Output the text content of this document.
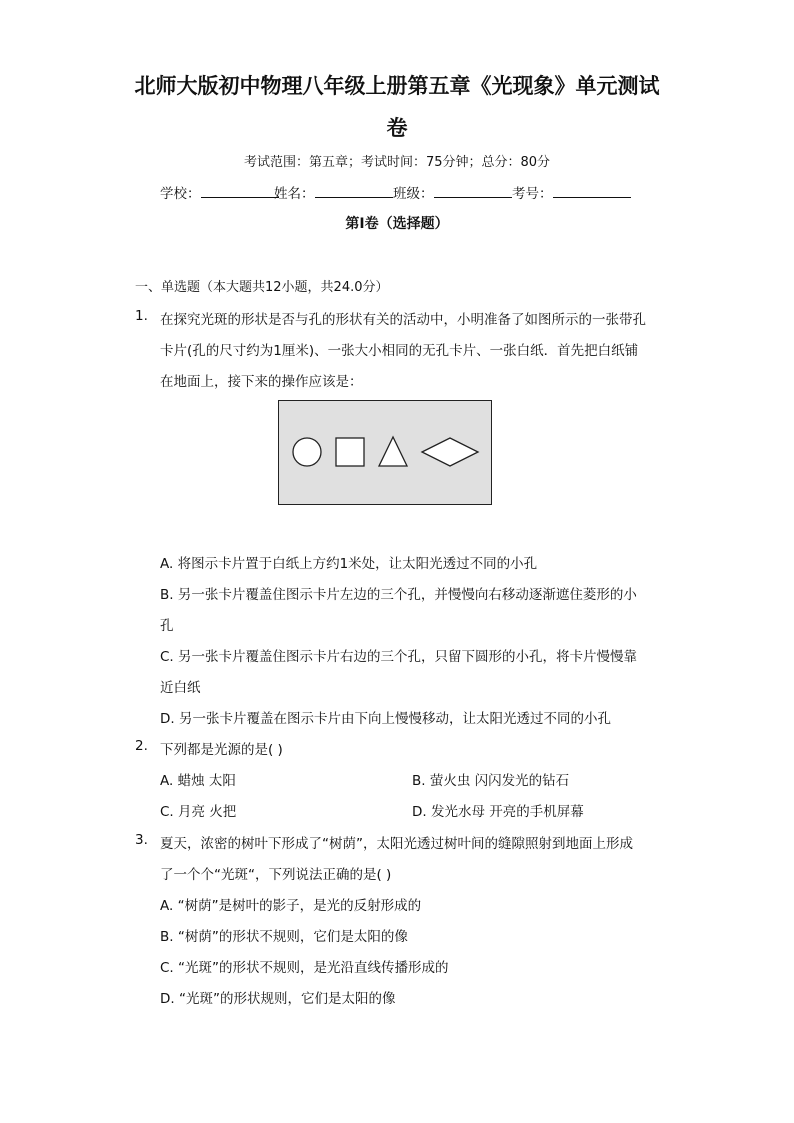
北师大版初中物理八年级上册第五章《光现象》单元测试
卷
考试范围：第五章；考试时间：75分钟；总分：80分
学校：	姓名：	班级：	考号：
第I卷（选择题）
一、单选题（本大题共12小题，共24.0分）
1. 在探究光斑的形状是否与孔的形状有关的活动中，小明准备了如图所示的一张带孔
卡片(孔的尺寸约为1厘米)、一张大小相同的无孔卡片、一张白纸．首先把白纸铺
在地面上，接下来的操作应该是：
A. 将图示卡片置于白纸上方约1米处，让太阳光透过不同的小孔
B. 另一张卡片覆盖住图示卡片左边的三个孔，并慢慢向右移动逐渐遮住菱形的小
孔
C. 另一张卡片覆盖住图示卡片右边的三个孔，只留下圆形的小孔，将卡片慢慢靠
近白纸
D. 另一张卡片覆盖在图示卡片由下向上慢慢移动，让太阳光透过不同的小孔
2. 下列都是光源的是( )
A. 蜡烛 太阳	B. 萤火虫 闪闪发光的钻石
C. 月亮 火把	D. 发光水母 开亮的手机屏幕
3. 夏天，浓密的树叶下形成了“树荫”，太阳光透过树叶间的缝隙照射到地面上形成
了一个个“光斑“，下列说法正确的是( )
A. “树荫”是树叶的影子，是光的反射形成的
B. “树荫”的形状不规则，它们是太阳的像
C. “光斑”的形状不规则，是光沿直线传播形成的
D. “光斑”的形状规则，它们是太阳的像
